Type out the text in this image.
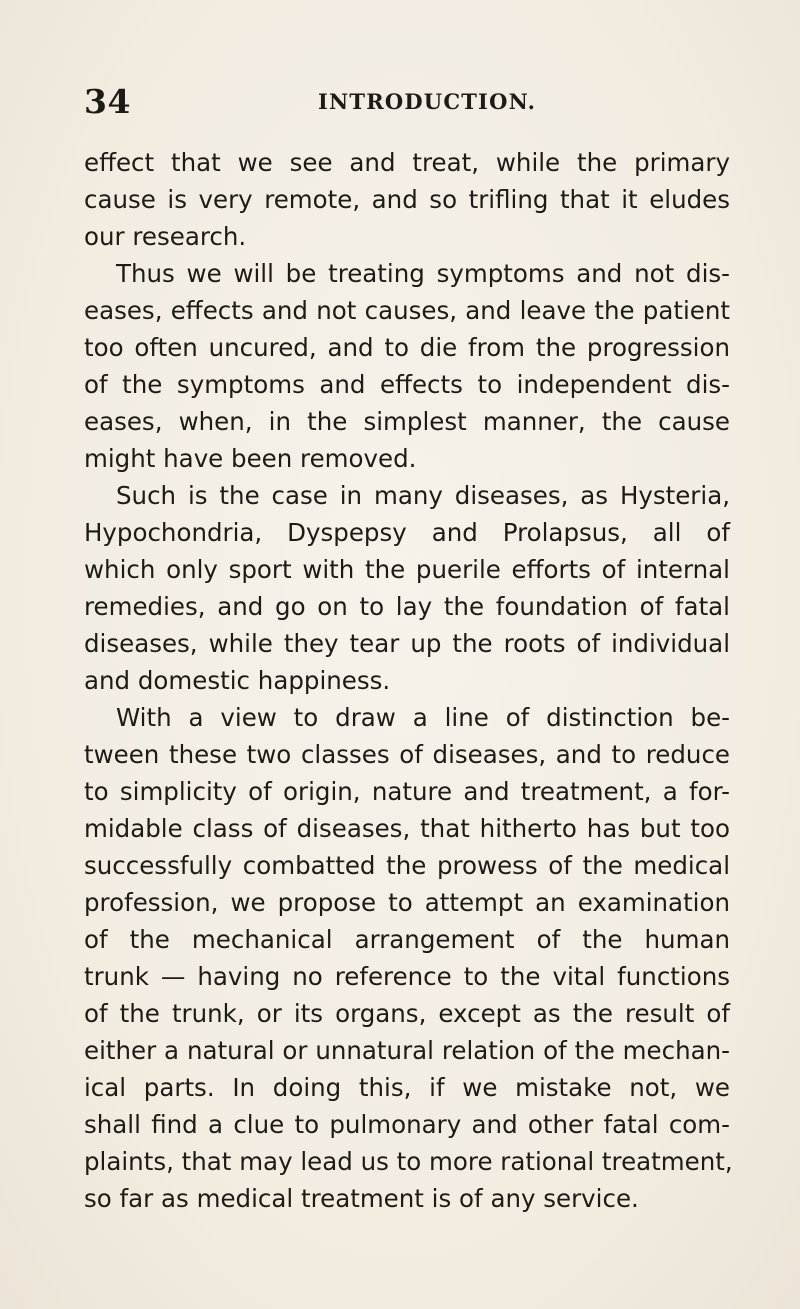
34	INTRODUCTION.
effect that we see and treat, while the primary
cause is very remote, and so trifling that it eludes
our research.
Thus we will be treating symptoms and not dis-
eases, effects and not causes, and leave the patient
too often uncured, and to die from the progression
of the symptoms and effects to independent dis-
eases, when, in the simplest manner, the cause
might have been removed.
Such is the case in many diseases, as Hysteria,
Hypochondria, Dyspepsy and Prolapsus, all of
which only sport with the puerile efforts of internal
remedies, and go on to lay the foundation of fatal
diseases, while they tear up the roots of individual
and domestic happiness.
With a view to draw a line of distinction be-
tween these two classes of diseases, and to reduce
to simplicity of origin, nature and treatment, a for-
midable class of diseases, that hitherto has but too
successfully combatted the prowess of the medical
profession, we propose to attempt an examination
of the mechanical arrangement of the human
trunk — having no reference to the vital functions
of the trunk, or its organs, except as the result of
either a natural or unnatural relation of the mechan-
ical parts. In doing this, if we mistake not, we
shall find a clue to pulmonary and other fatal com-
plaints, that may lead us to more rational treatment,
so far as medical treatment is of any service.
